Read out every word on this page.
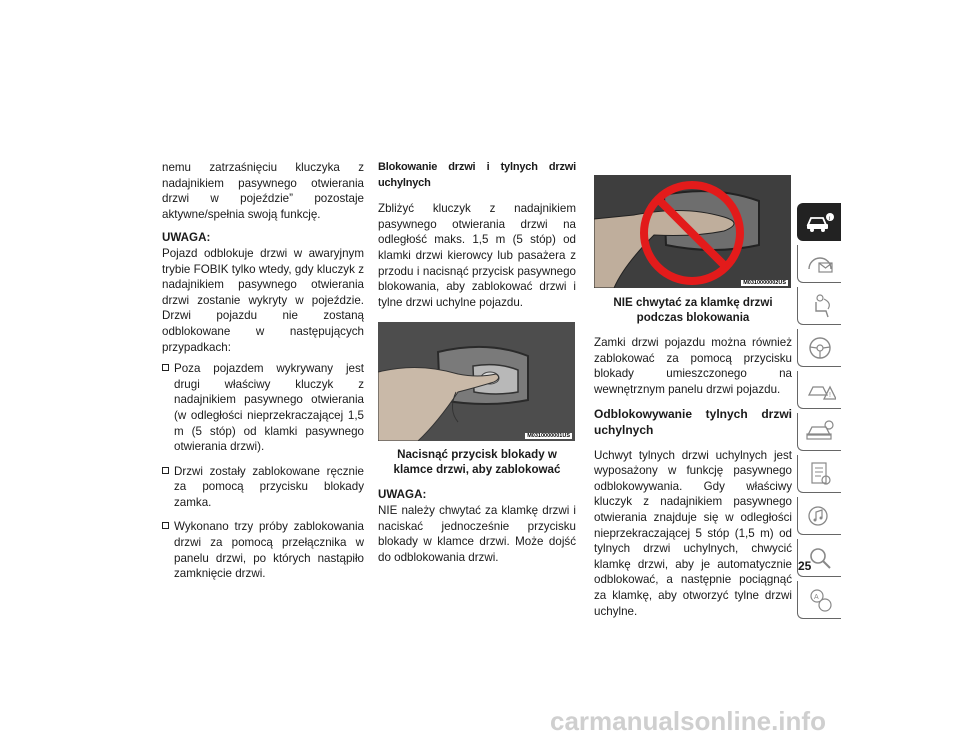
nemu zatrzaśnięciu kluczyka z nadajnikiem pasywnego otwierania drzwi w pojeździe” pozostaje aktywne/spełnia swoją funkcję.

UWAGA:

Pojazd odblokuje drzwi w awaryjnym trybie FOBIK tylko wtedy, gdy kluczyk z nadajnikiem pasywnego otwierania drzwi zostanie wykryty w pojeździe. Drzwi pojazdu nie zostaną odblokowane w następujących przypadkach:

Poza pojazdem wykrywany jest drugi właściwy kluczyk z nadajnikiem pasywnego otwierania (w odległości nieprzekraczającej 1,5 m (5 stóp) od klamki pasywnego otwierania drzwi).
Drzwi zostały zablokowane ręcznie za pomocą przycisku blokady zamka.
Wykonano trzy próby zablokowania drzwi za pomocą przełącznika w panelu drzwi, po których nastąpiło zamknięcie drzwi.

Blokowanie drzwi i tylnych drzwi uchylnych

Zbliżyć kluczyk z nadajnikiem pasywnego otwierania drzwi na odległość maks. 1,5 m (5 stóp) od klamki drzwi kierowcy lub pasażera z przodu i nacisnąć przycisk pasywnego blokowania, aby zablokować drzwi i tylne drzwi uchylne pojazdu.

M0310000001US

Nacisnąć przycisk blokady w klamce drzwi, aby zablokować

UWAGA:

NIE należy chwytać za klamkę drzwi i naciskać jednocześnie przycisku blokady w klamce drzwi. Może dojść do odblokowania drzwi.

M0310000002US

NIE chwytać za klamkę drzwi podczas blokowania

Zamki drzwi pojazdu można również zablokować za pomocą przycisku blokady umieszczonego na wewnętrznym panelu drzwi pojazdu.

Odblokowywanie tylnych drzwi uchylnych

Uchwyt tylnych drzwi uchylnych jest wyposażony w funkcję pasywnego odblokowywania. Gdy właściwy kluczyk z nadajnikiem pasywnego otwierania znajduje się w odległości nieprzekraczającej 5 stóp (1,5 m) od tylnych drzwi uchylnych, chwycić klamkę drzwi, aby je automatycznie odblokować, a następnie pociągnąć za klamkę, aby otworzyć tylne drzwi uchylne.

i
!
A
25
carmanualsonline.info
